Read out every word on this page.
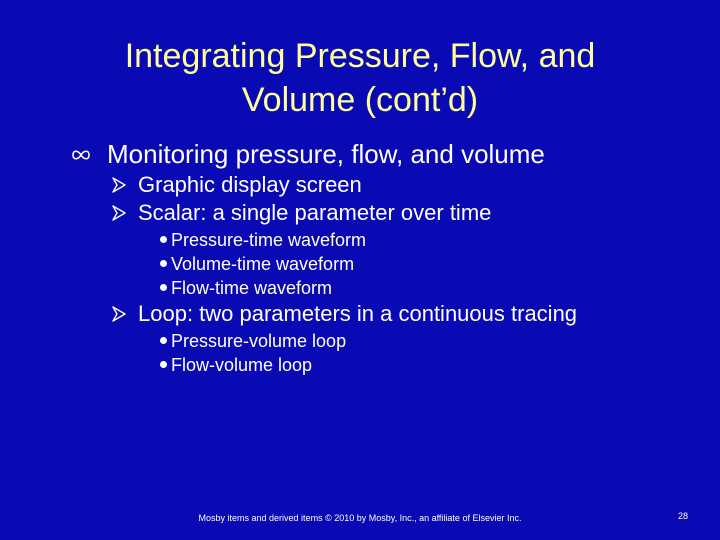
Integrating Pressure, Flow, and
Volume (cont’d)
Monitoring pressure, flow, and volume
Graphic display screen
Scalar: a single parameter over time
Pressure-time waveform
Volume-time waveform
Flow-time waveform
Loop: two parameters in a continuous tracing
Pressure-volume loop
Flow-volume loop
Mosby items and derived items © 2010 by Mosby, Inc., an affiliate of Elsevier Inc.	28
